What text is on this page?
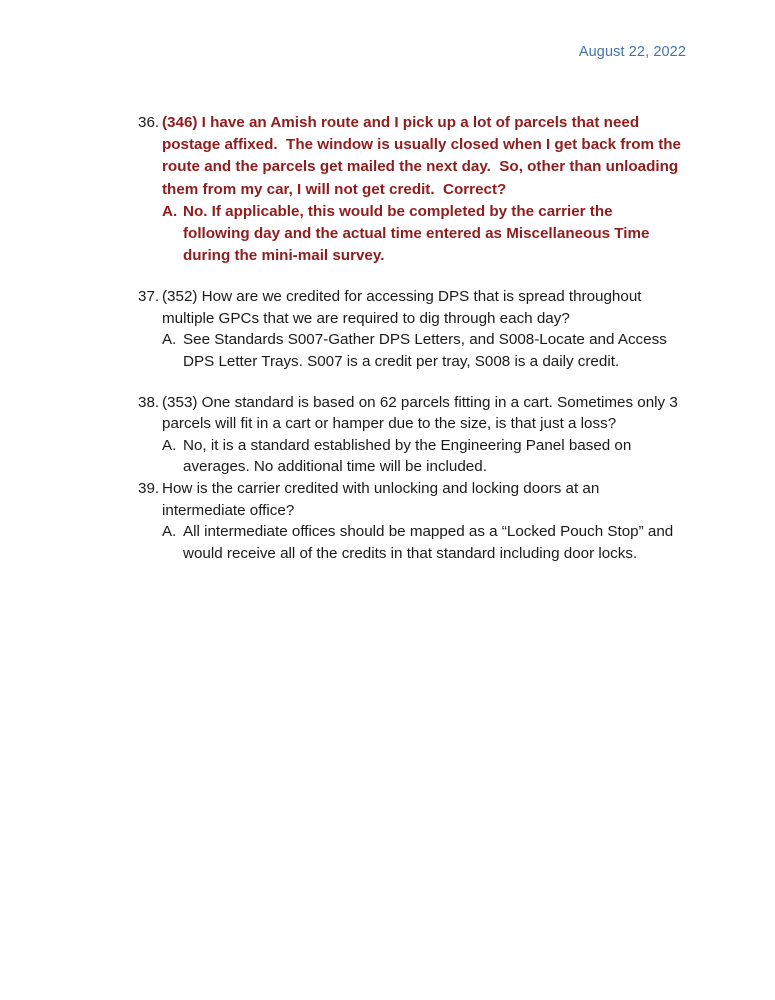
August 22, 2022
36. (346) I have an Amish route and I pick up a lot of parcels that need postage affixed.  The window is usually closed when I get back from the route and the parcels get mailed the next day.  So, other than unloading them from my car, I will not get credit.  Correct?
A. No. If applicable, this would be completed by the carrier the following day and the actual time entered as Miscellaneous Time during the mini-mail survey.
37. (352) How are we credited for accessing DPS that is spread throughout multiple GPCs that we are required to dig through each day?
A. See Standards S007-Gather DPS Letters, and S008-Locate and Access DPS Letter Trays. S007 is a credit per tray, S008 is a daily credit.
38. (353) One standard is based on 62 parcels fitting in a cart. Sometimes only 3 parcels will fit in a cart or hamper due to the size, is that just a loss?
A. No, it is a standard established by the Engineering Panel based on averages. No additional time will be included.
39. How is the carrier credited with unlocking and locking doors at an intermediate office?
A. All intermediate offices should be mapped as a “Locked Pouch Stop” and would receive all of the credits in that standard including door locks.
